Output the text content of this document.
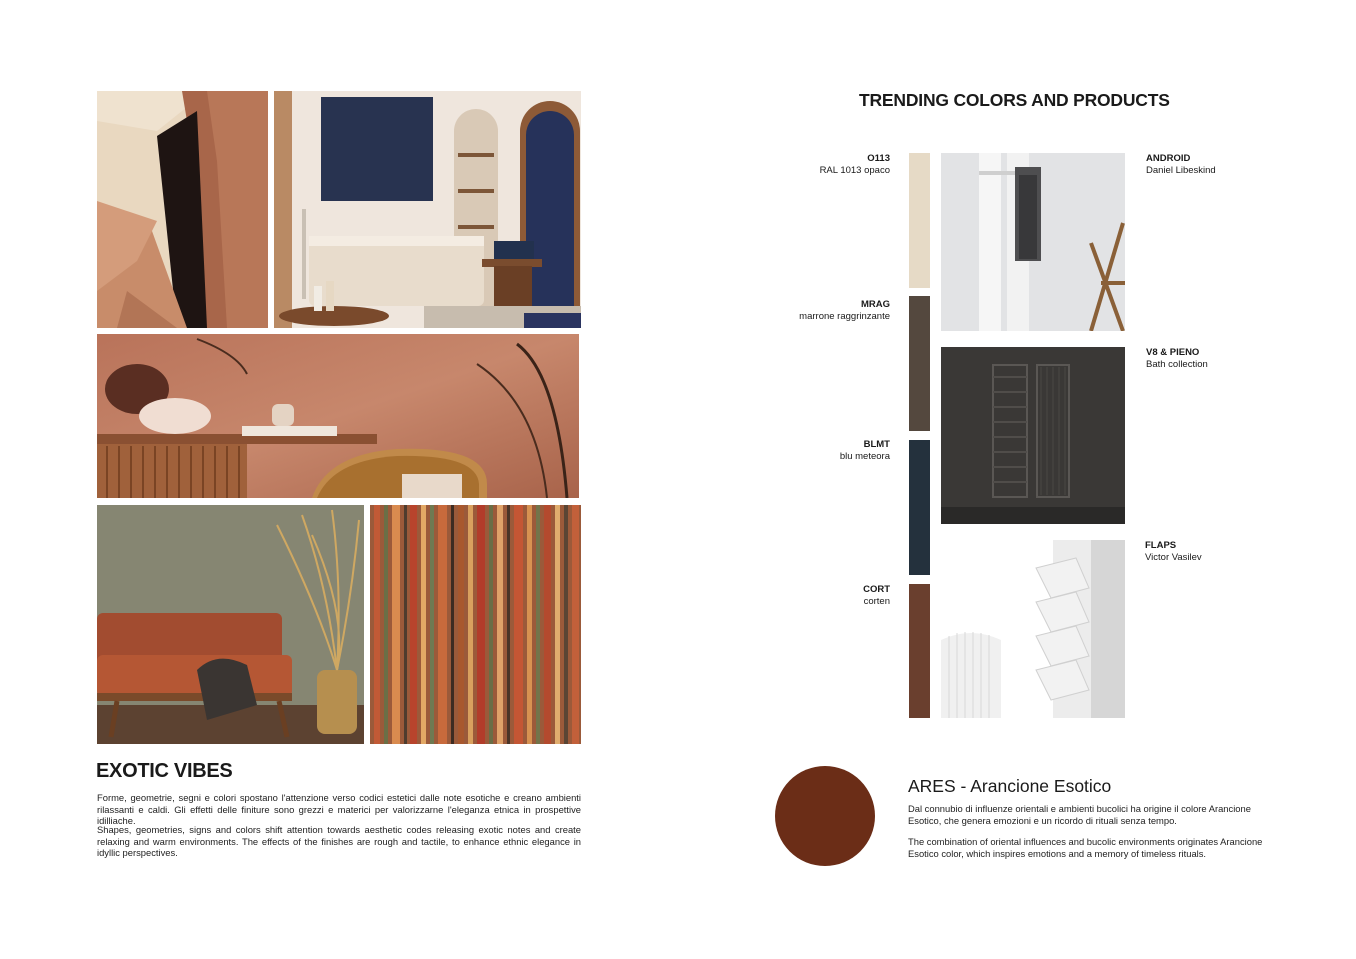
EXOTIC VIBES
Forme, geometrie, segni e colori spostano l'attenzione verso codici estetici dalle note esotiche e creano ambienti rilassanti e caldi. Gli effetti delle finiture sono grezzi e materici per valorizzarne l'eleganza etnica in prospettive idilliache.
Shapes, geometries, signs and colors shift attention towards aesthetic codes releasing exotic notes and create relaxing and warm environments. The effects of the finishes are rough and tactile, to enhance ethnic elegance in idyllic perspectives.
TRENDING COLORS AND PRODUCTS
O113
RAL 1013 opaco
MRAG
marrone raggrinzante
BLMT
blu meteora
CORT
corten
ANDROID
Daniel Libeskind
V8 & PIENO
Bath collection
FLAPS
Victor Vasilev
ARES - Arancione Esotico
Dal connubio di influenze orientali e ambienti bucolici ha origine il colore Arancione Esotico, che genera emozioni e un ricordo di rituali senza tempo.
The combination of oriental influences and bucolic environments originates Arancione Esotico color, which inspires emotions and a memory of timeless rituals.
